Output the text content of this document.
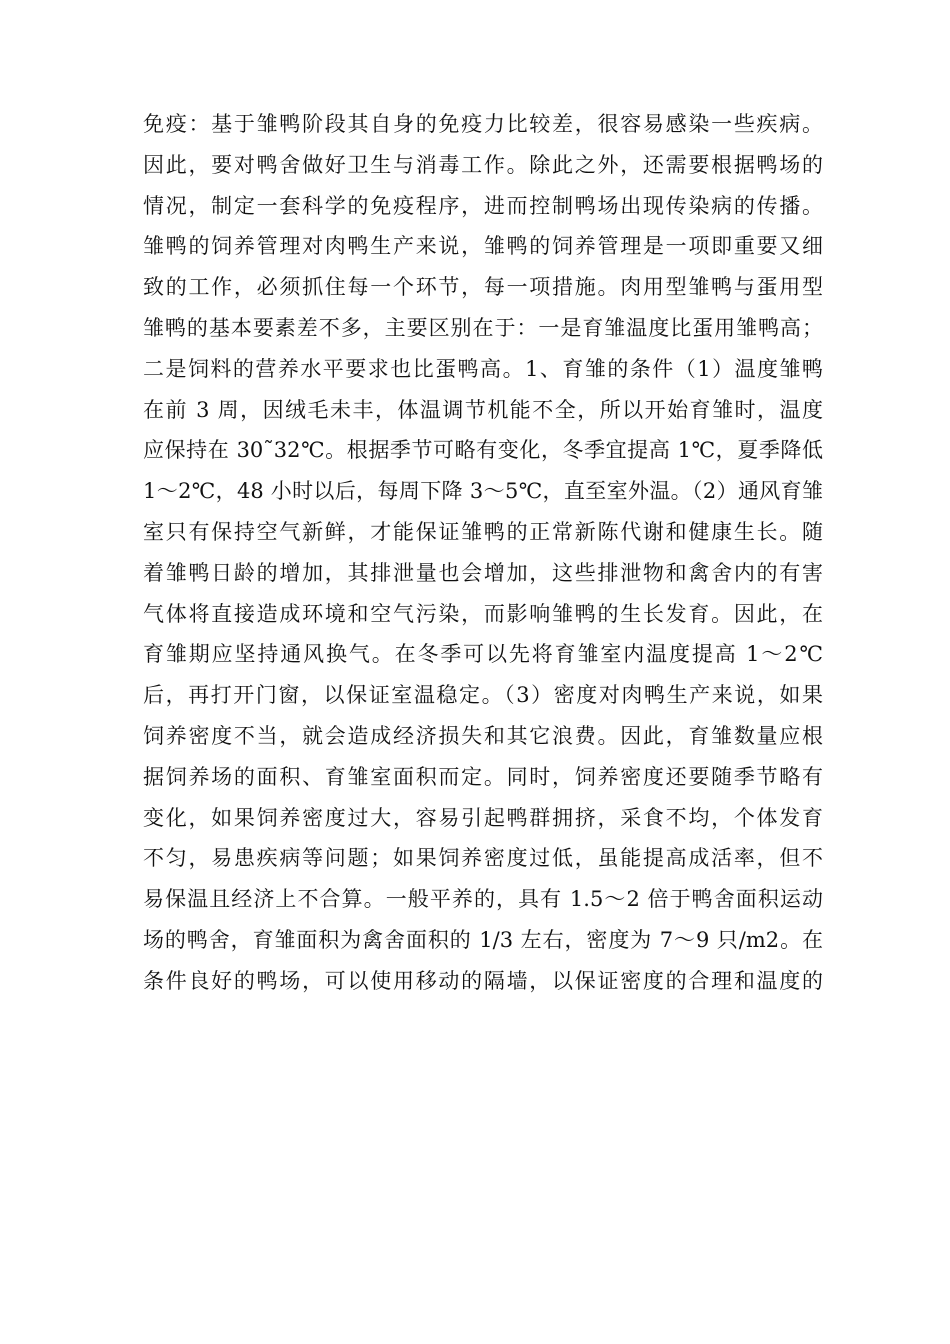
免疫：基于雏鸭阶段其自身的免疫力比较差，很容易感染一些疾病。
因此，要对鸭舍做好卫生与消毒工作。除此之外，还需要根据鸭场的
情况，制定一套科学的免疫程序，进而控制鸭场出现传染病的传播。
雏鸭的饲养管理对肉鸭生产来说，雏鸭的饲养管理是一项即重要又细
致的工作，必须抓住每一个环节，每一项措施。肉用型雏鸭与蛋用型
雏鸭的基本要素差不多，主要区别在于：一是育雏温度比蛋用雏鸭高；
二是饲料的营养水平要求也比蛋鸭高。1、育雏的条件（1）温度雏鸭
在前 3 周，因绒毛未丰，体温调节机能不全，所以开始育雏时，温度
应保持在 30˜32℃。根据季节可略有变化，冬季宜提高 1℃，夏季降低
1～2℃，48 小时以后，每周下降 3～5℃，直至室外温。（2）通风育雏
室只有保持空气新鲜，才能保证雏鸭的正常新陈代谢和健康生长。随
着雏鸭日龄的增加，其排泄量也会增加，这些排泄物和禽舍内的有害
气体将直接造成环境和空气污染，而影响雏鸭的生长发育。因此，在
育雏期应坚持通风换气。在冬季可以先将育雏室内温度提高 1～2℃
后，再打开门窗，以保证室温稳定。（3）密度对肉鸭生产来说，如果
饲养密度不当，就会造成经济损失和其它浪费。因此，育雏数量应根
据饲养场的面积、育雏室面积而定。同时，饲养密度还要随季节略有
变化，如果饲养密度过大，容易引起鸭群拥挤，采食不均，个体发育
不匀，易患疾病等问题；如果饲养密度过低，虽能提高成活率，但不
易保温且经济上不合算。一般平养的，具有 1.5～2 倍于鸭舍面积运动
场的鸭舍，育雏面积为禽舍面积的 1/3 左右，密度为 7～9 只/m2。在
条件良好的鸭场，可以使用移动的隔墙，以保证密度的合理和温度的
